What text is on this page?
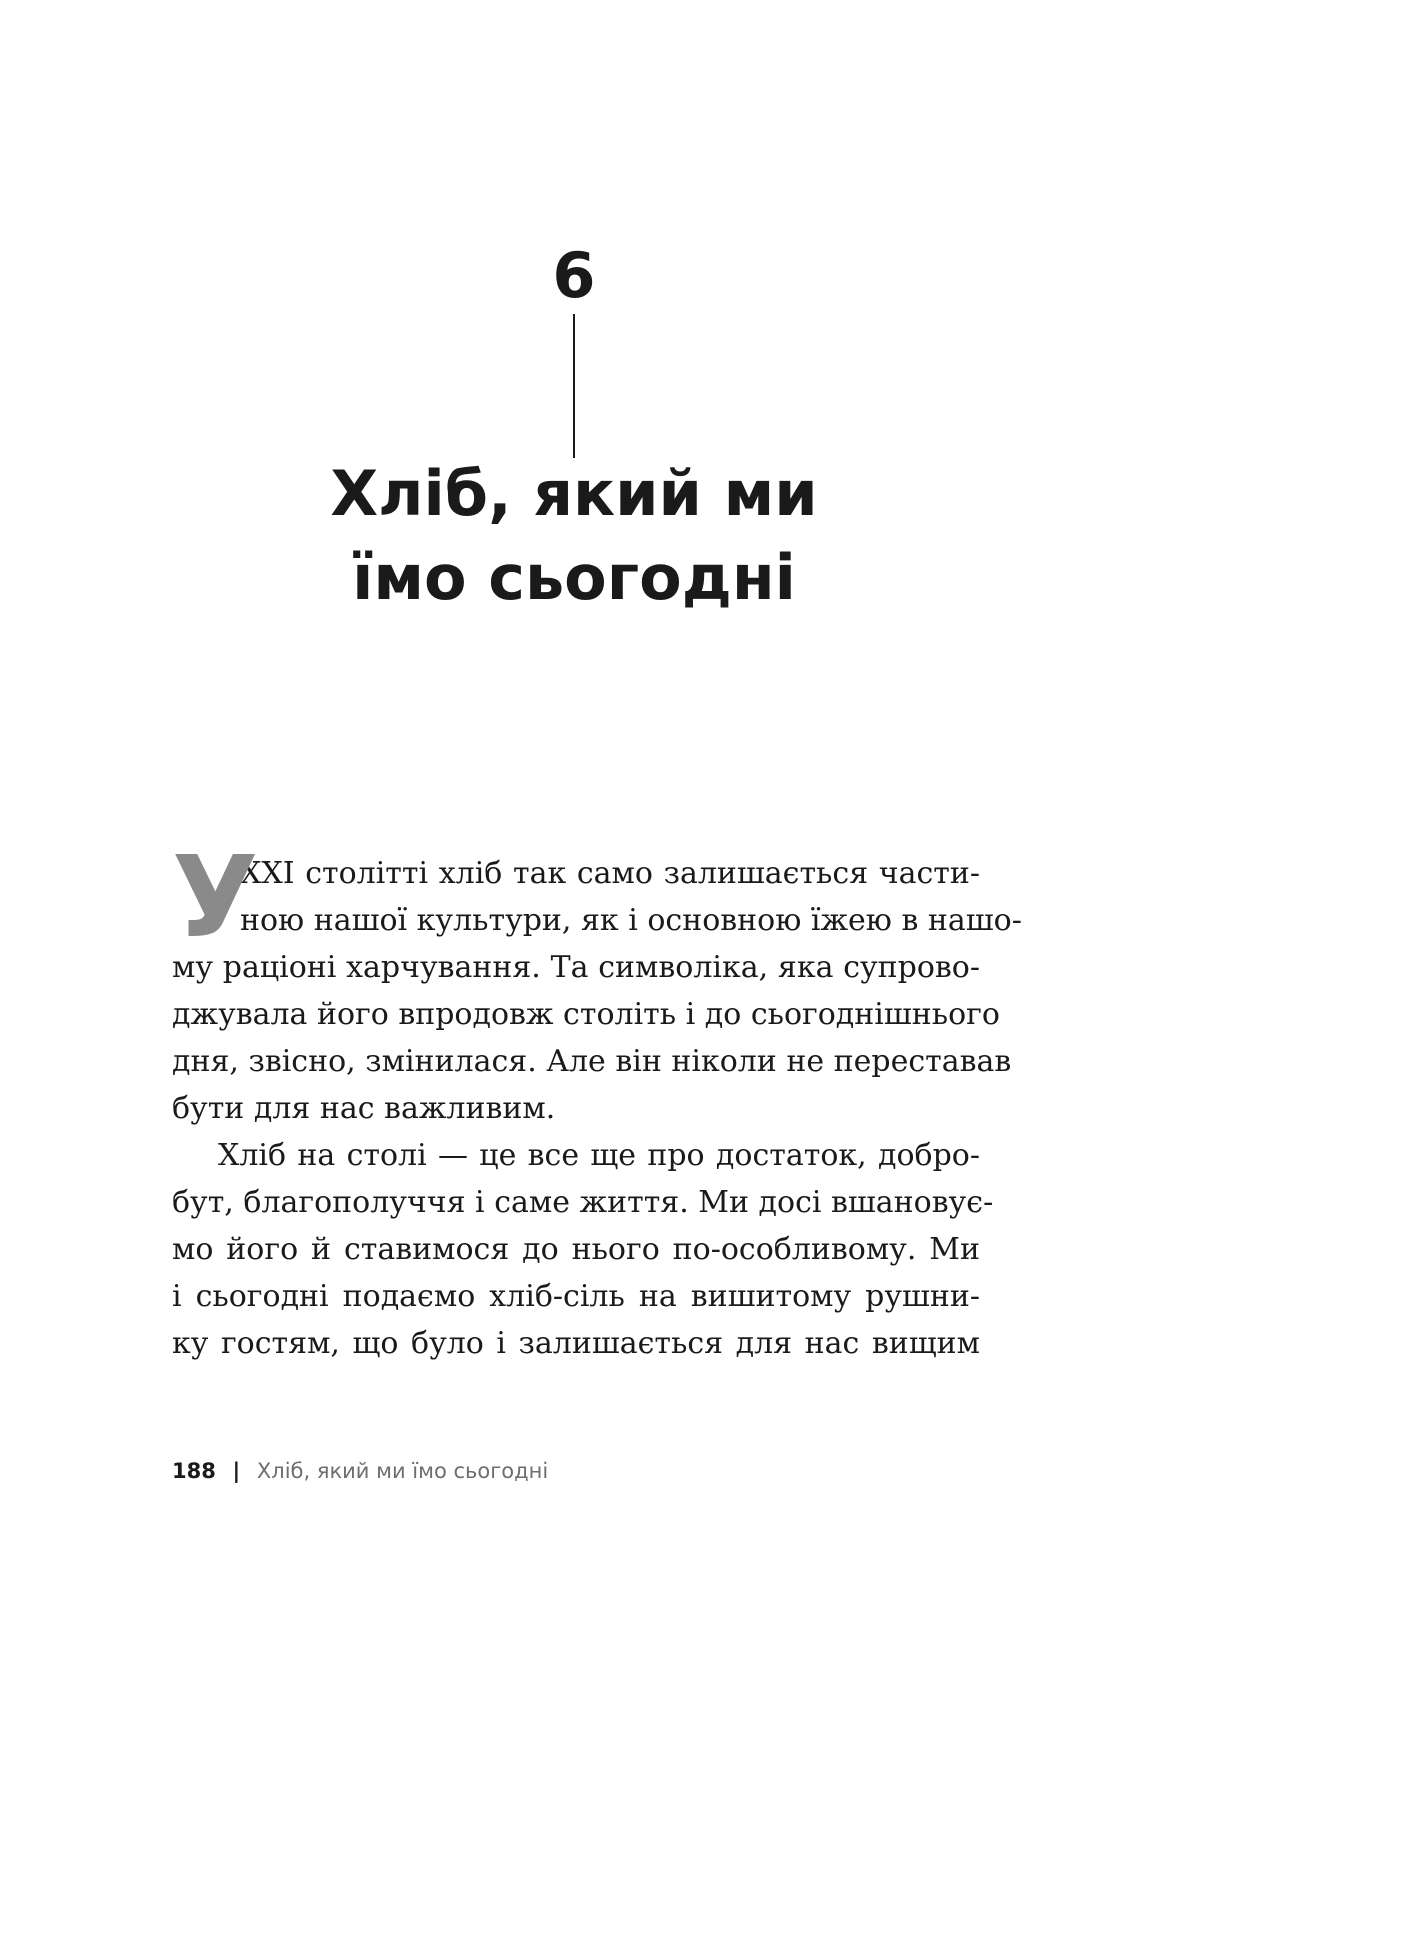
6
Хліб, який ми
їмо сьогодні
У
XXI столітті хліб так само залишається части-
ною нашої культури, як і основною їжею в нашо-
му раціоні харчування. Та символіка, яка супрово-
джувала його впродовж століть і до сьогоднішнього
дня, звісно, змінилася. Але він ніколи не переставав
бути для нас важливим.
Хліб на столі — це все ще про достаток, добро-
бут, благополуччя і саме життя. Ми досі вшановує-
мо його й ставимося до нього по-особливому. Ми
і сьогодні подаємо хліб-сіль на вишитому рушни-
ку гостям, що було і залишається для нас вищим
188 | Хліб, який ми їмо сьогодні
